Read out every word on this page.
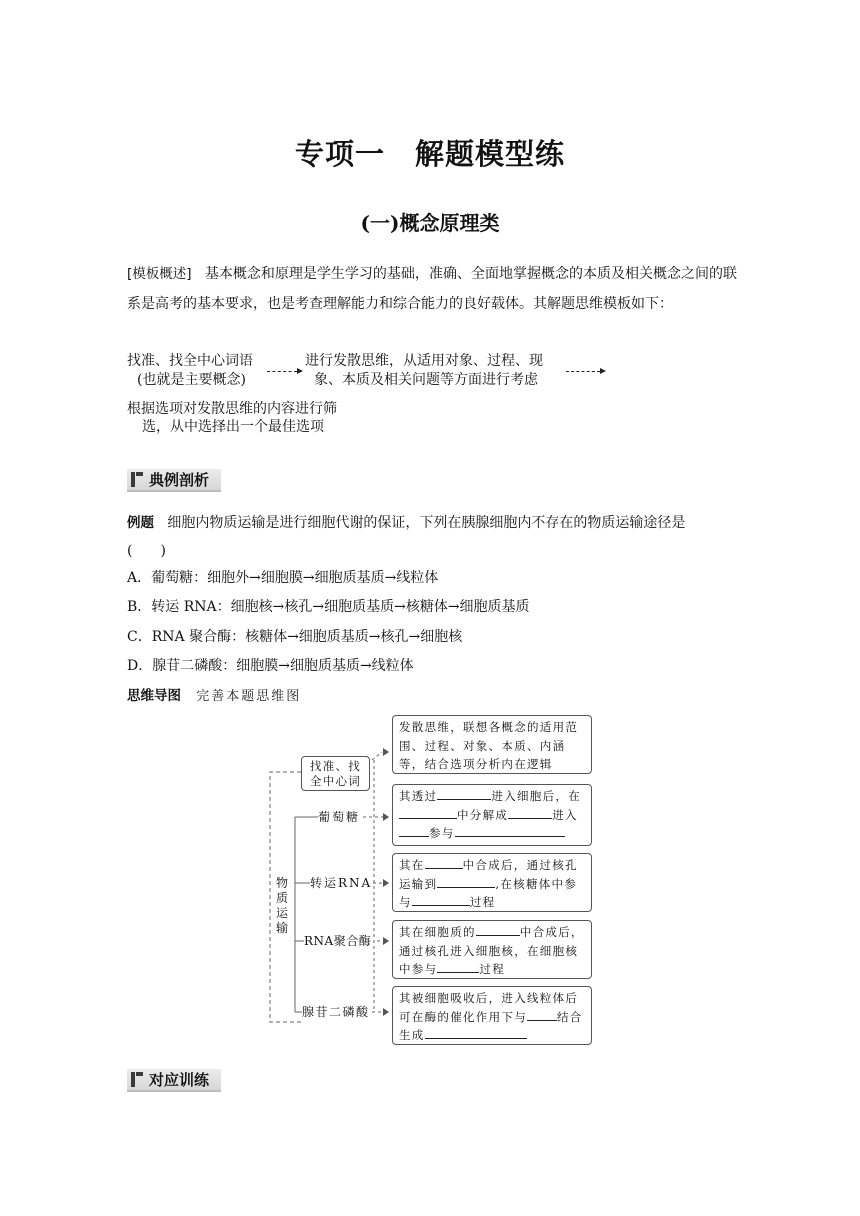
专项一　解题模型练
(一)概念原理类
[模板概述] 基本概念和原理是学生学习的基础，准确、全面地掌握概念的本质及相关概念之间的联系是高考的基本要求，也是考查理解能力和综合能力的良好载体。其解题思维模板如下：
找准、找全中心词语
(也就是主要概念)
进行发散思维，从适用对象、过程、现
象、本质及相关问题等方面进行考虑
根据选项对发散思维的内容进行筛
选，从中选择出一个最佳选项
典例剖析
例题 细胞内物质运输是进行细胞代谢的保证，下列在胰腺细胞内不存在的物质运输途径是
(　　)
A．葡萄糖：细胞外→细胞膜→细胞质基质→线粒体
B．转运 RNA：细胞核→核孔→细胞质基质→核糖体→细胞质基质
C．RNA 聚合酶：核糖体→细胞质基质→核孔→细胞核
D．腺苷二磷酸：细胞膜→细胞质基质→线粒体
思维导图 完善本题思维图
物质运输
找准、找全中心词
葡萄糖
转运RNA
RNA聚合酶
腺苷二磷酸
发散思维，联想各概念的适用范围、过程、对象、本质、内涵等，结合选项分析内在逻辑
其透过	进入细胞后，在
中分解成	进入
参与
其在	中合成后，通过核孔运输到	,在核糖体中参与	过程
其在细胞质的	中合成后，通过核孔进入细胞核，在细胞核中参与	过程
其被细胞吸收后，进入线粒体后可在酶的催化作用下与	结合生成
对应训练
